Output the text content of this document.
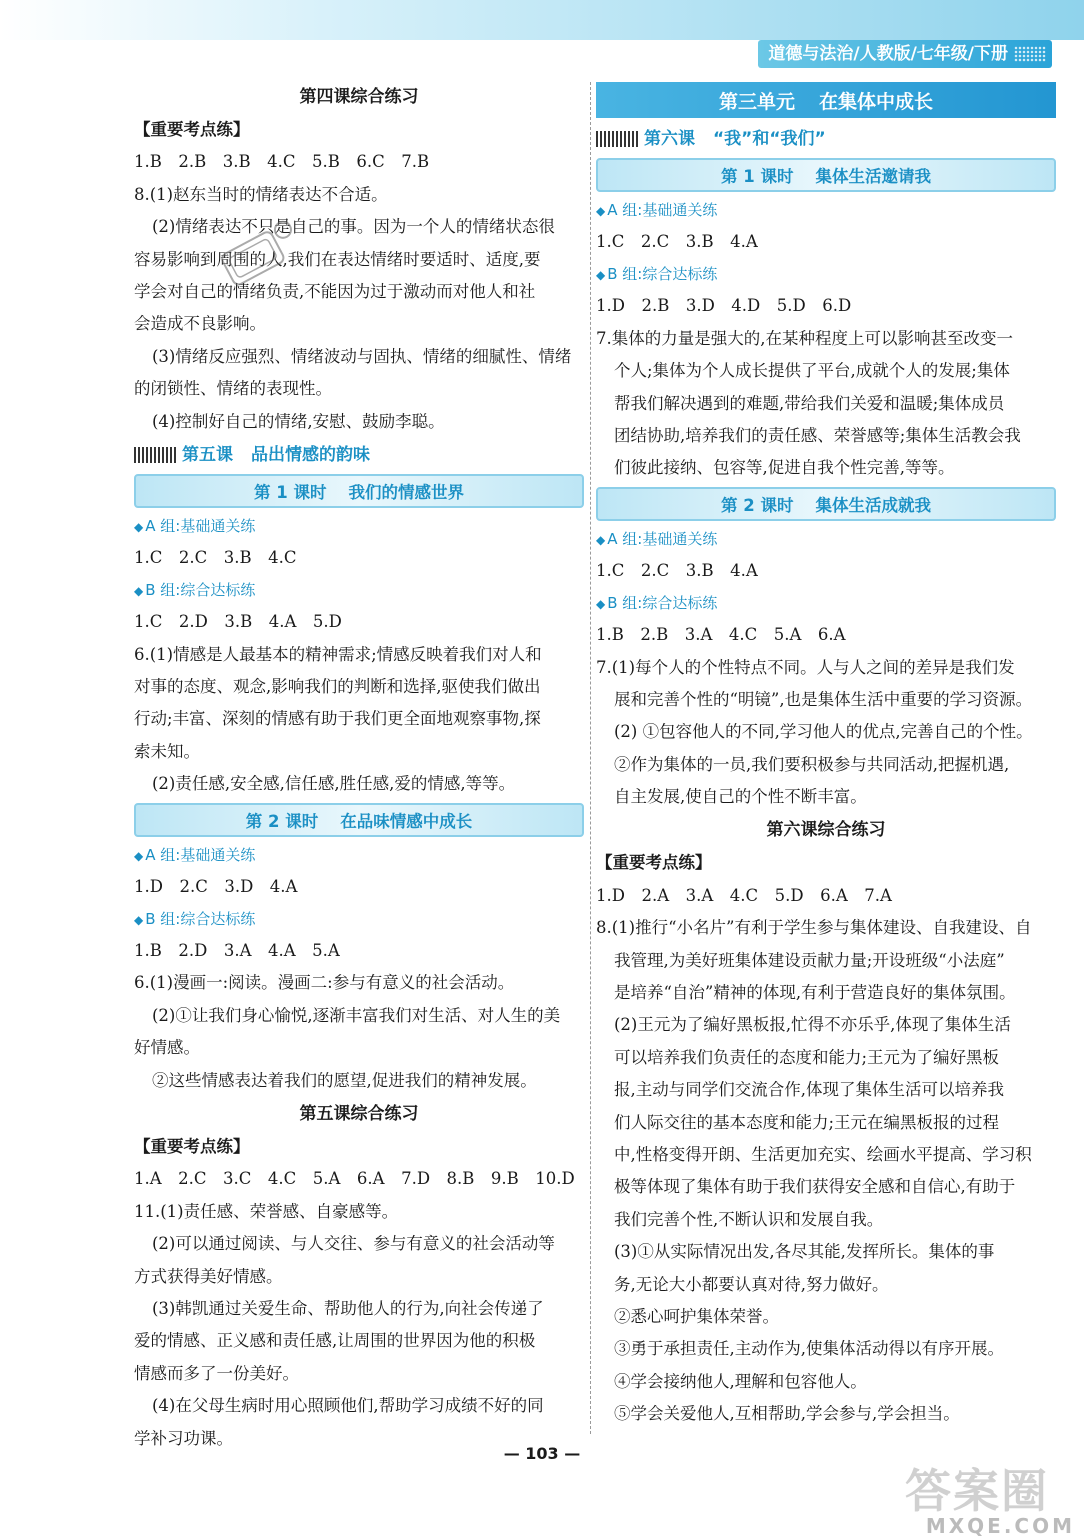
道德与法治/人教版/七年级/下册
第四课综合练习
【重要考点练】
1.B　2.B　3.B　4.C　5.B　6.C　7.B
8.(1)赵东当时的情绪表达不合适。
(2)情绪表达不只是自己的事。因为一个人的情绪状态很
容易影响到周围的人,我们在表达情绪时要适时、适度,要
学会对自己的情绪负责,不能因为过于激动而对他人和社
会造成不良影响。
(3)情绪反应强烈、情绪波动与固执、情绪的细腻性、情绪
的闭锁性、情绪的表现性。
(4)控制好自己的情绪,安慰、鼓励李聪。
第五课 品出情感的韵味
第 1 课时 我们的情感世界
◆ A 组:基础通关练
1.C　2.C　3.B　4.C
◆ B 组:综合达标练
1.C　2.D　3.B　4.A　5.D
6.(1)情感是人最基本的精神需求;情感反映着我们对人和
对事的态度、观念,影响我们的判断和选择,驱使我们做出
行动;丰富、深刻的情感有助于我们更全面地观察事物,探
索未知。
(2)责任感,安全感,信任感,胜任感,爱的情感,等等。
第 2 课时 在品味情感中成长
◆ A 组:基础通关练
1.D　2.C　3.D　4.A
◆ B 组:综合达标练
1.B　2.D　3.A　4.A　5.A
6.(1)漫画一:阅读。漫画二:参与有意义的社会活动。
(2)①让我们身心愉悦,逐渐丰富我们对生活、对人生的美
好情感。
②这些情感表达着我们的愿望,促进我们的精神发展。
第五课综合练习
【重要考点练】
1.A　2.C　3.C　4.C　5.A　6.A　7.D　8.B　9.B　10.D
11.(1)责任感、荣誉感、自豪感等。
(2)可以通过阅读、与人交往、参与有意义的社会活动等
方式获得美好情感。
(3)韩凯通过关爱生命、帮助他人的行为,向社会传递了
爱的情感、正义感和责任感,让周围的世界因为他的积极
情感而多了一份美好。
(4)在父母生病时用心照顾他们,帮助学习成绩不好的同
学补习功课。
第三单元 在集体中成长
第六课 “我”和“我们”
第 1 课时 集体生活邀请我
◆ A 组:基础通关练
1.C　2.C　3.B　4.A
◆ B 组:综合达标练
1.D　2.B　3.D　4.D　5.D　6.D
7.集体的力量是强大的,在某种程度上可以影响甚至改变一
个人;集体为个人成长提供了平台,成就个人的发展;集体
帮我们解决遇到的难题,带给我们关爱和温暖;集体成员
团结协助,培养我们的责任感、荣誉感等;集体生活教会我
们彼此接纳、包容等,促进自我个性完善,等等。
第 2 课时 集体生活成就我
◆ A 组:基础通关练
1.C　2.C　3.B　4.A
◆ B 组:综合达标练
1.B　2.B　3.A　4.C　5.A　6.A
7.(1)每个人的个性特点不同。人与人之间的差异是我们发
展和完善个性的“明镜”,也是集体生活中重要的学习资源。
(2) ①包容他人的不同,学习他人的优点,完善自己的个性。
②作为集体的一员,我们要积极参与共同活动,把握机遇,
自主发展,使自己的个性不断丰富。
第六课综合练习
【重要考点练】
1.D　2.A　3.A　4.C　5.D　6.A　7.A
8.(1)推行“小名片”有利于学生参与集体建设、自我建设、自
我管理,为美好班集体建设贡献力量;开设班级“小法庭”
是培养“自治”精神的体现,有利于营造良好的集体氛围。
(2)王元为了编好黑板报,忙得不亦乐乎,体现了集体生活
可以培养我们负责任的态度和能力;王元为了编好黑板
报,主动与同学们交流合作,体现了集体生活可以培养我
们人际交往的基本态度和能力;王元在编黑板报的过程
中,性格变得开朗、生活更加充实、绘画水平提高、学习积
极等体现了集体有助于我们获得安全感和自信心,有助于
我们完善个性,不断认识和发展自我。
(3)①从实际情况出发,各尽其能,发挥所长。集体的事
务,无论大小都要认真对待,努力做好。
②悉心呵护集体荣誉。
③勇于承担责任,主动作为,使集体活动得以有序开展。
④学会接纳他人,理解和包容他人。
⑤学会关爱他人,互相帮助,学会参与,学会担当。
— 103 —
答案圈
MXQE.COM
